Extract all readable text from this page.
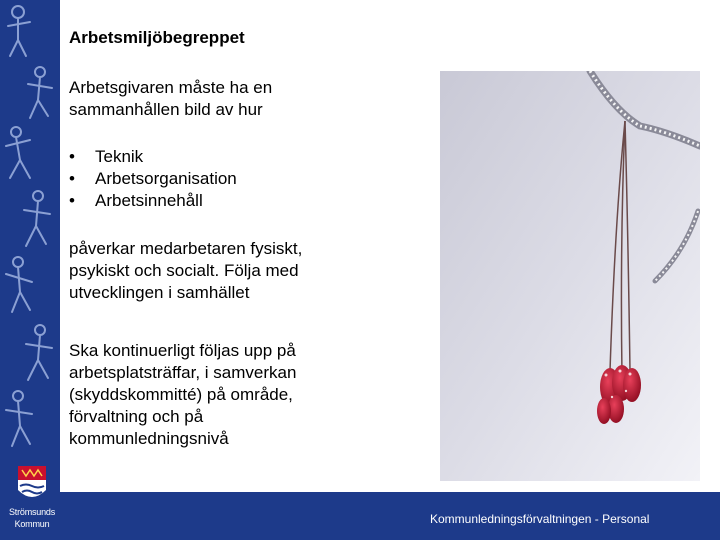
Strömsunds
Kommun
Arbetsmiljöbegreppet
Arbetsgivaren måste ha en
sammanhållen bild av hur
• Teknik
• Arbetsorganisation
• Arbetsinnehåll
påverkar medarbetaren fysiskt,
psykiskt och socialt. Följa med
utvecklingen i samhället
Ska kontinuerligt följas upp på
arbetsplatsträffar, i samverkan
(skyddskommitté) på område,
förvaltning och på
kommunledningsnivå
Kommunledningsförvaltningen - Personal
